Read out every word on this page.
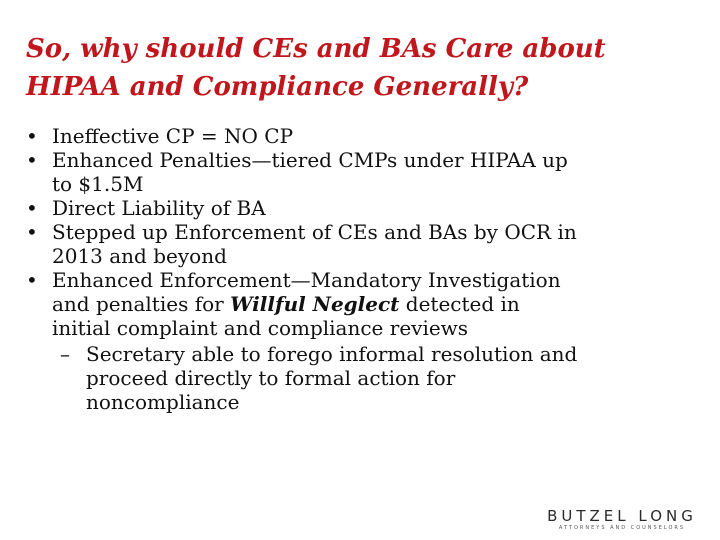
So, why should CEs and BAs Care about
HIPAA and Compliance Generally?
• Ineffective CP = NO CP
• Enhanced Penalties—tiered CMPs under HIPAA up
to $1.5M
• Direct Liability of BA
• Stepped up Enforcement of CEs and BAs by OCR in
2013 and beyond
• Enhanced Enforcement—Mandatory Investigation
and penalties for Willful Neglect detected in
initial complaint and compliance reviews
– Secretary able to forego informal resolution and
proceed directly to formal action for
noncompliance
BUTZEL LONG
ATTORNEYS AND COUNSELORS
